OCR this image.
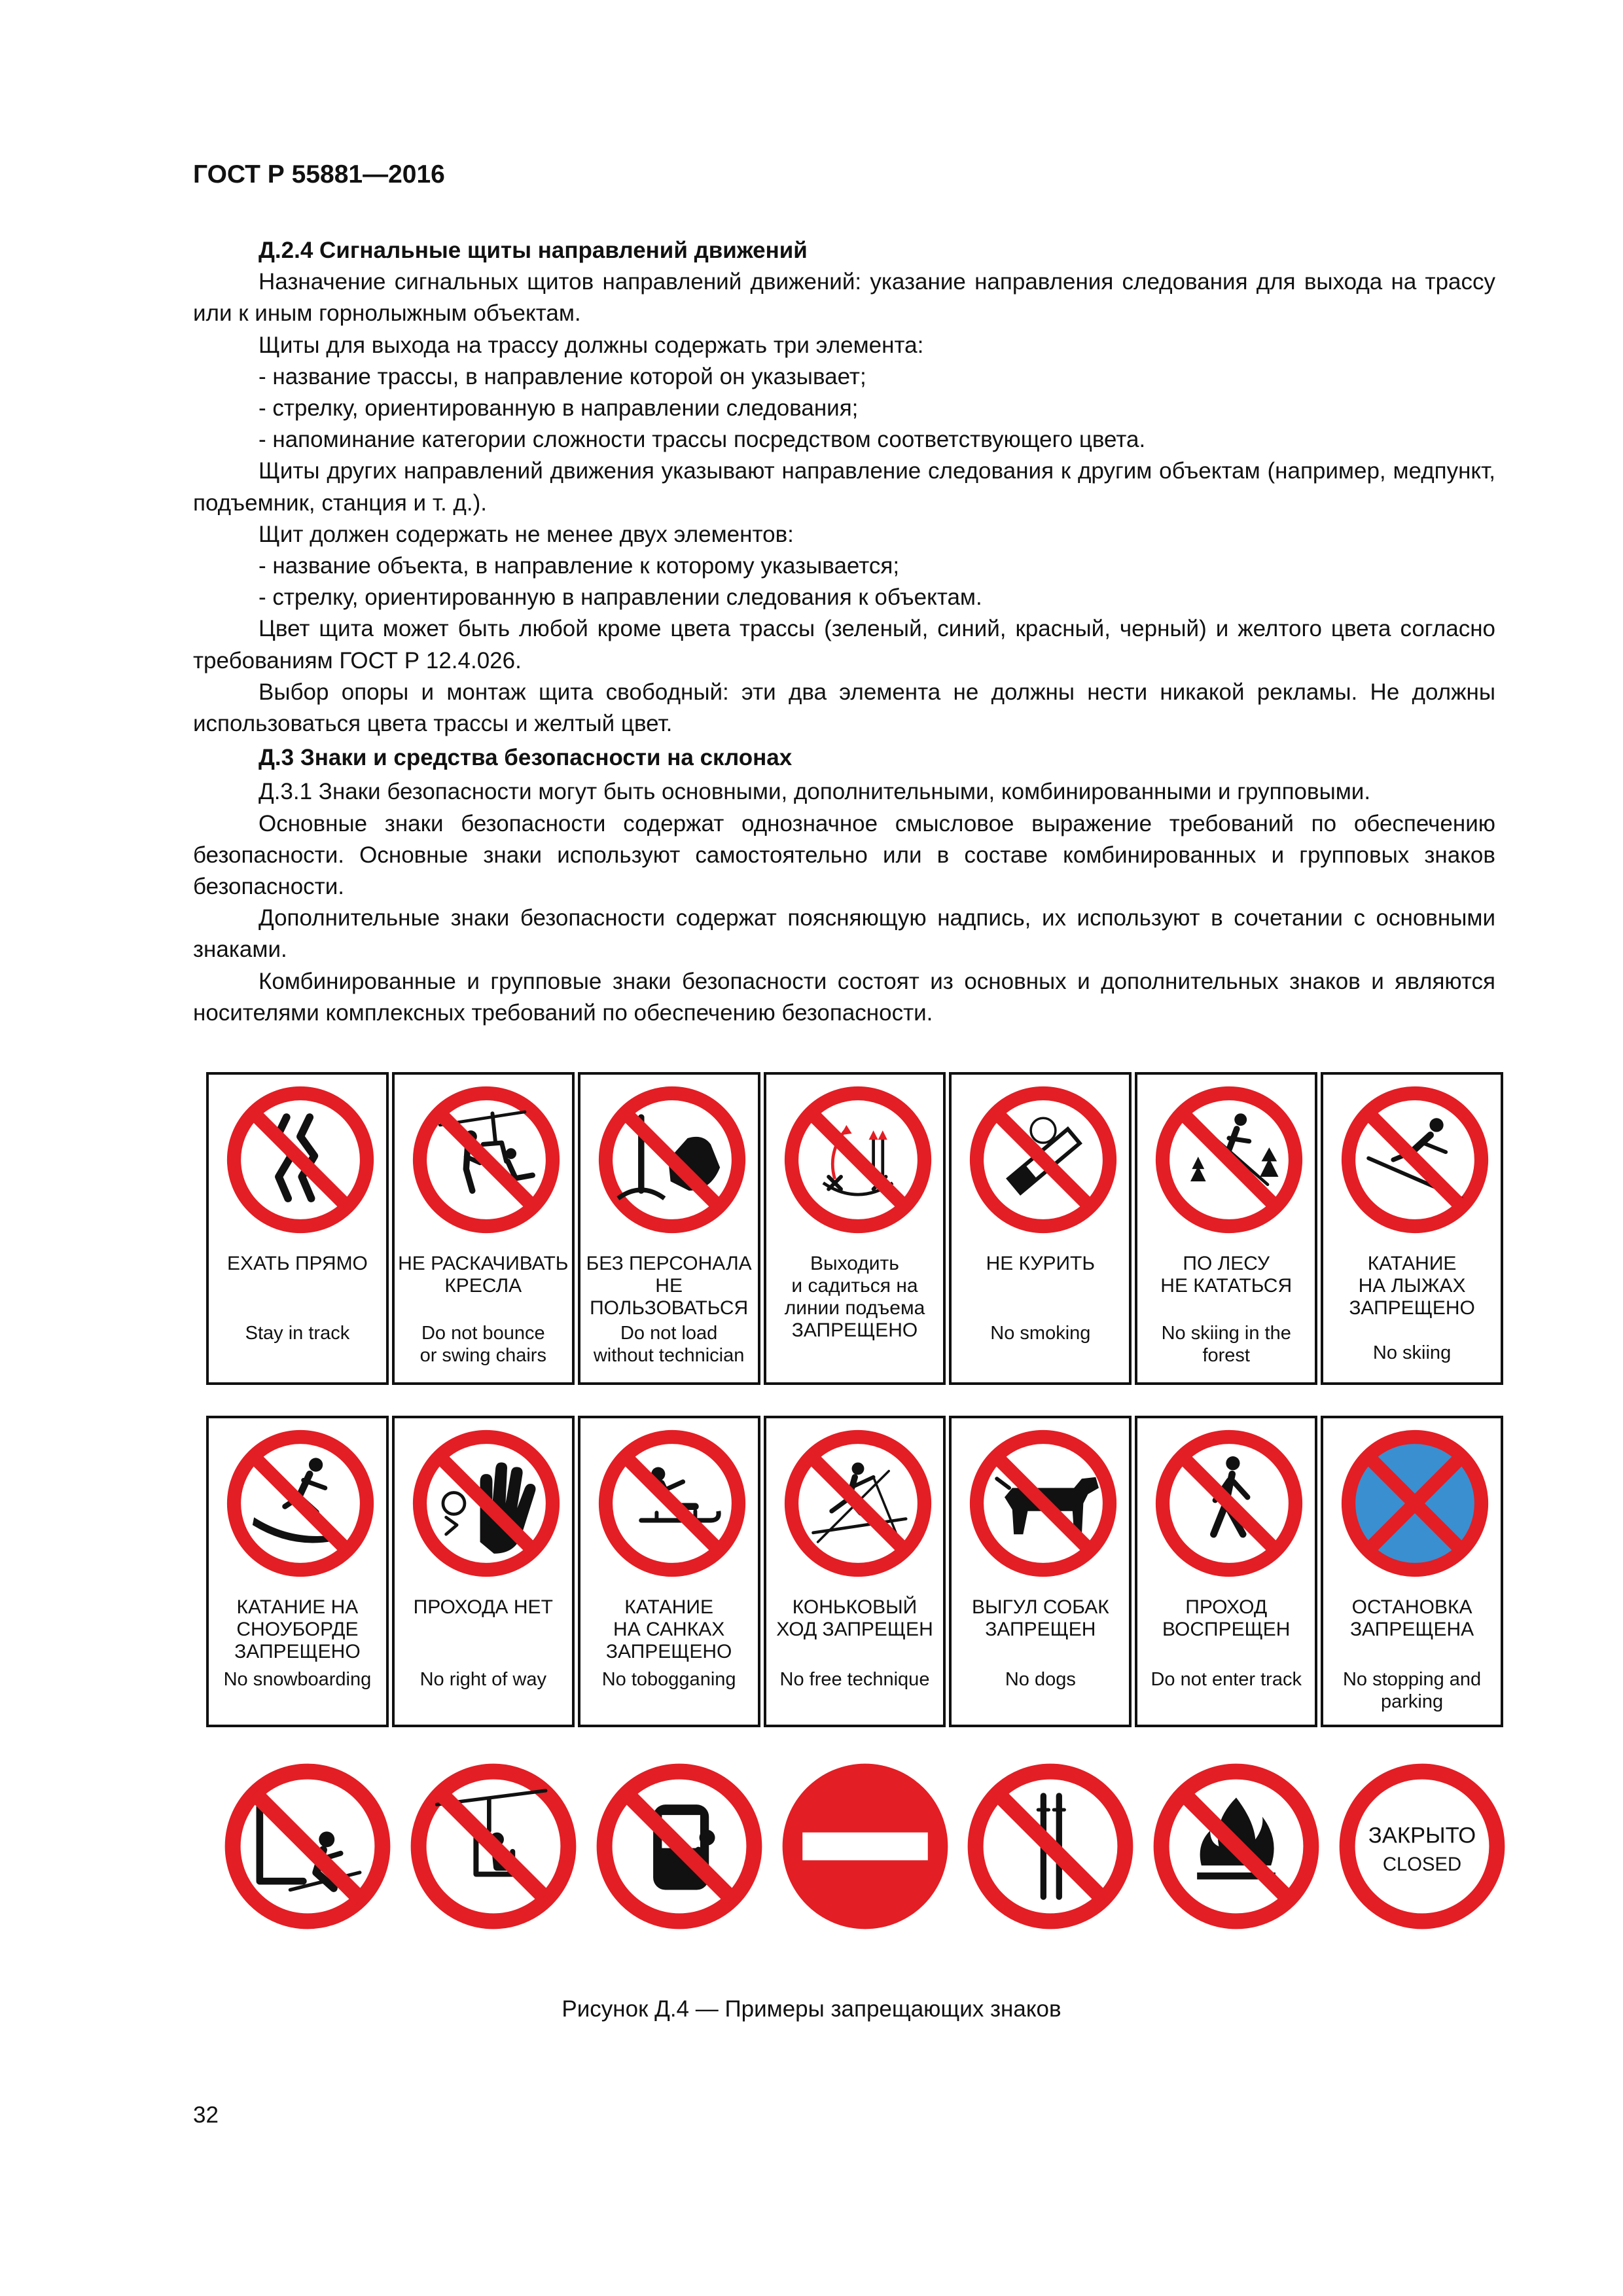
ГОСТ Р 55881—2016

Д.2.4 Сигнальные щиты направлений движений

Назначение сигнальных щитов направлений движений: указание направления следования для выхода на трассу или к иным горнолыжным объектам.

Щиты для выхода на трассу должны содержать три элемента:

- название трассы, в направление которой он указывает;

- стрелку, ориентированную в направлении следования;

- напоминание категории сложности трассы посредством соответствующего цвета.

Щиты других направлений движения указывают направление следования к другим объектам (например, медпункт, подъемник, станция и т. д.).

Щит должен содержать не менее двух элементов:

- название объекта, в направление к которому указывается;

- стрелку, ориентированную в направлении следования к объектам.

Цвет щита может быть любой кроме цвета трассы (зеленый, синий, красный, черный) и желтого цвета согласно требованиям ГОСТ Р 12.4.026.

Выбор опоры и монтаж щита свободный: эти два элемента не должны нести никакой рекламы. Не должны использоваться цвета трассы и желтый цвет.

Д.3 Знаки и средства безопасности на склонах

Д.3.1 Знаки безопасности могут быть основными, дополнительными, комбинированными и групповыми.

Основные знаки безопасности содержат однозначное смысловое выражение требований по обеспечению безопасности. Основные знаки используют самостоятельно или в составе комбинированных и групповых знаков безопасности.

Дополнительные знаки безопасности содержат поясняющую надпись, их используют в сочетании с основными знаками.

Комбинированные и групповые знаки безопасности состоят из основных и дополнительных знаков и являются носителями комплексных требований по обеспечению безопасности.

ЕХАТЬ ПРЯМО
Stay in track
НЕ РАСКАЧИВАТЬ
КРЕСЛА
Do not bounce
or swing chairs
БЕЗ ПЕРСОНАЛА
НЕ ПОЛЬЗОВАТЬСЯ
Do not load
without technician
Выходить
и садиться на
линии подъема
ЗАПРЕЩЕНО
НЕ КУРИТЬ
No smoking
ПО ЛЕСУ
НЕ КАТАТЬСЯ
No skiing in the
forest
КАТАНИЕ
НА ЛЫЖАХ
ЗАПРЕЩЕНО
No skiing
КАТАНИЕ НА
СНОУБОРДЕ
ЗАПРЕЩЕНО
No snowboarding
ПРОХОДА НЕТ
No right of way
КАТАНИЕ
НА САНКАХ
ЗАПРЕЩЕНО
No tobogganing
КОНЬКОВЫЙ
ХОД ЗАПРЕЩЕН
No free technique
ВЫГУЛ СОБАК
ЗАПРЕЩЕН
No dogs
ПРОХОД
ВОСПРЕЩЕН
Do not enter track
ОСТАНОВКА
ЗАПРЕЩЕНА
No stopping and
parking
ЗАКРЫТО
CLOSED
Рисунок Д.4 — Примеры запрещающих знаков
32
